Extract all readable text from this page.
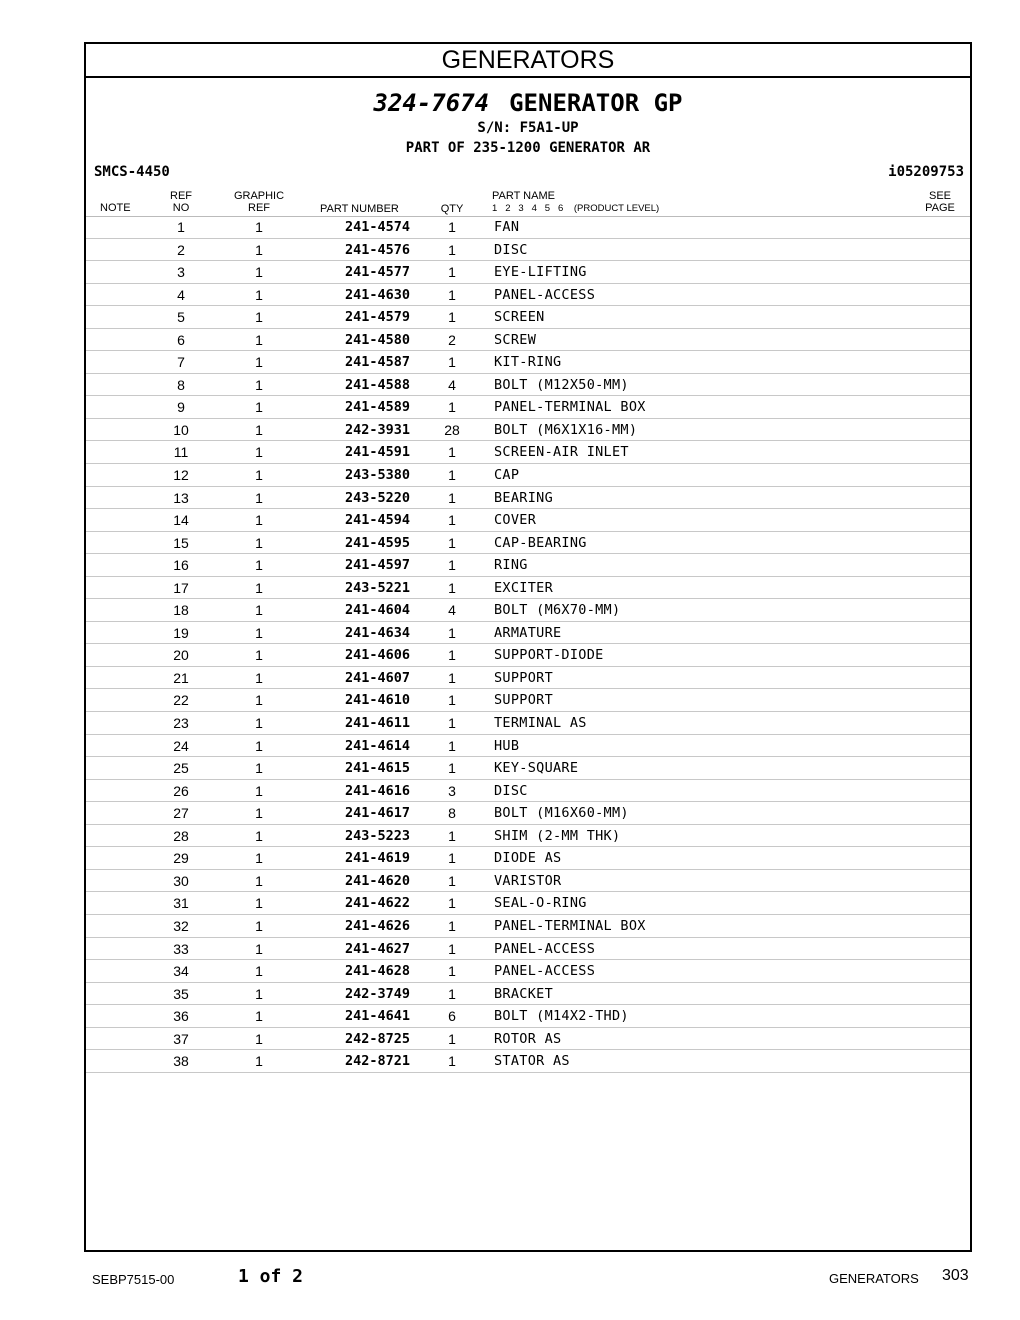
GENERATORS
324-7674 GENERATOR GP
S/N: F5A1-UP
PART OF 235-1200 GENERATOR AR
SMCS-4450	i05209753
NOTE
REF
NO
GRAPHIC
REF	PART NUMBER	QTY
PART NAME
1   2   3   4   5   6    (PRODUCT LEVEL)
SEE
PAGE
1	1	241-4574	1	FAN
2	1	241-4576	1	DISC
3	1	241-4577	1	EYE-LIFTING
4	1	241-4630	1	PANEL-ACCESS
5	1	241-4579	1	SCREEN
6	1	241-4580	2	SCREW
7	1	241-4587	1	KIT-RING
8	1	241-4588	4	BOLT (M12X50-MM)
9	1	241-4589	1	PANEL-TERMINAL BOX
10	1	242-3931	28	BOLT (M6X1X16-MM)
11	1	241-4591	1	SCREEN-AIR INLET
12	1	243-5380	1	CAP
13	1	243-5220	1	BEARING
14	1	241-4594	1	COVER
15	1	241-4595	1	CAP-BEARING
16	1	241-4597	1	RING
17	1	243-5221	1	EXCITER
18	1	241-4604	4	BOLT (M6X70-MM)
19	1	241-4634	1	ARMATURE
20	1	241-4606	1	SUPPORT-DIODE
21	1	241-4607	1	SUPPORT
22	1	241-4610	1	SUPPORT
23	1	241-4611	1	TERMINAL AS
24	1	241-4614	1	HUB
25	1	241-4615	1	KEY-SQUARE
26	1	241-4616	3	DISC
27	1	241-4617	8	BOLT (M16X60-MM)
28	1	243-5223	1	SHIM (2-MM THK)
29	1	241-4619	1	DIODE AS
30	1	241-4620	1	VARISTOR
31	1	241-4622	1	SEAL-O-RING
32	1	241-4626	1	PANEL-TERMINAL BOX
33	1	241-4627	1	PANEL-ACCESS
34	1	241-4628	1	PANEL-ACCESS
35	1	242-3749	1	BRACKET
36	1	241-4641	6	BOLT (M14X2-THD)
37	1	242-8725	1	ROTOR AS
38	1	242-8721	1	STATOR AS
SEBP7515-00	1 of 2	GENERATORS 303
